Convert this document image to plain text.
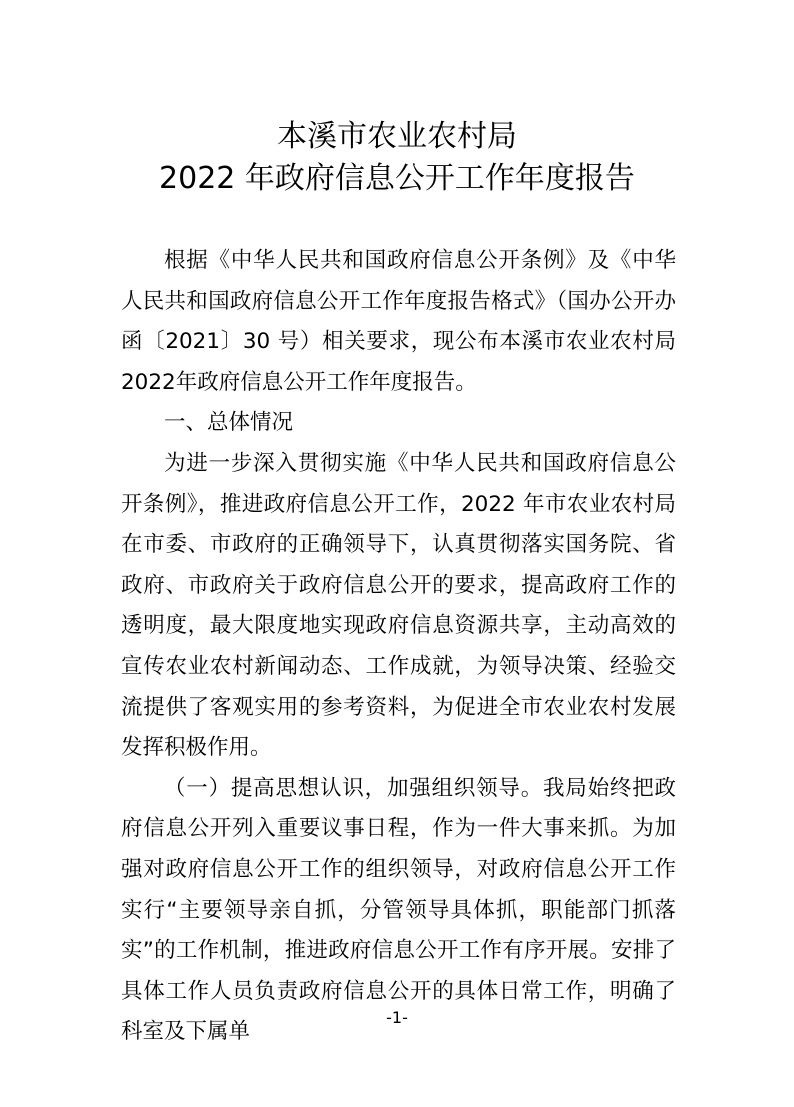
本溪市农业农村局
2022 年政府信息公开工作年度报告

根据《中华人民共和国政府信息公开条例》及《中华人民共和国政府信息公开工作年度报告格式》（国办公开办函〔2021〕30 号）相关要求，现公布本溪市农业农村局 2022年政府信息公开工作年度报告。

一、总体情况

为进一步深入贯彻实施《中华人民共和国政府信息公开条例》，推进政府信息公开工作，2022 年市农业农村局在市委、市政府的正确领导下，认真贯彻落实国务院、省政府、市政府关于政府信息公开的要求，提高政府工作的透明度，最大限度地实现政府信息资源共享，主动高效的宣传农业农村新闻动态、工作成就，为领导决策、经验交流提供了客观实用的参考资料，为促进全市农业农村发展发挥积极作用。

（一）提高思想认识，加强组织领导。我局始终把政府信息公开列入重要议事日程，作为一件大事来抓。为加强对政府信息公开工作的组织领导，对政府信息公开工作实行“主要领导亲自抓，分管领导具体抓，职能部门抓落实”的工作机制，推进政府信息公开工作有序开展。安排了具体工作人员负责政府信息公开的具体日常工作，明确了科室及下属单

-1-
